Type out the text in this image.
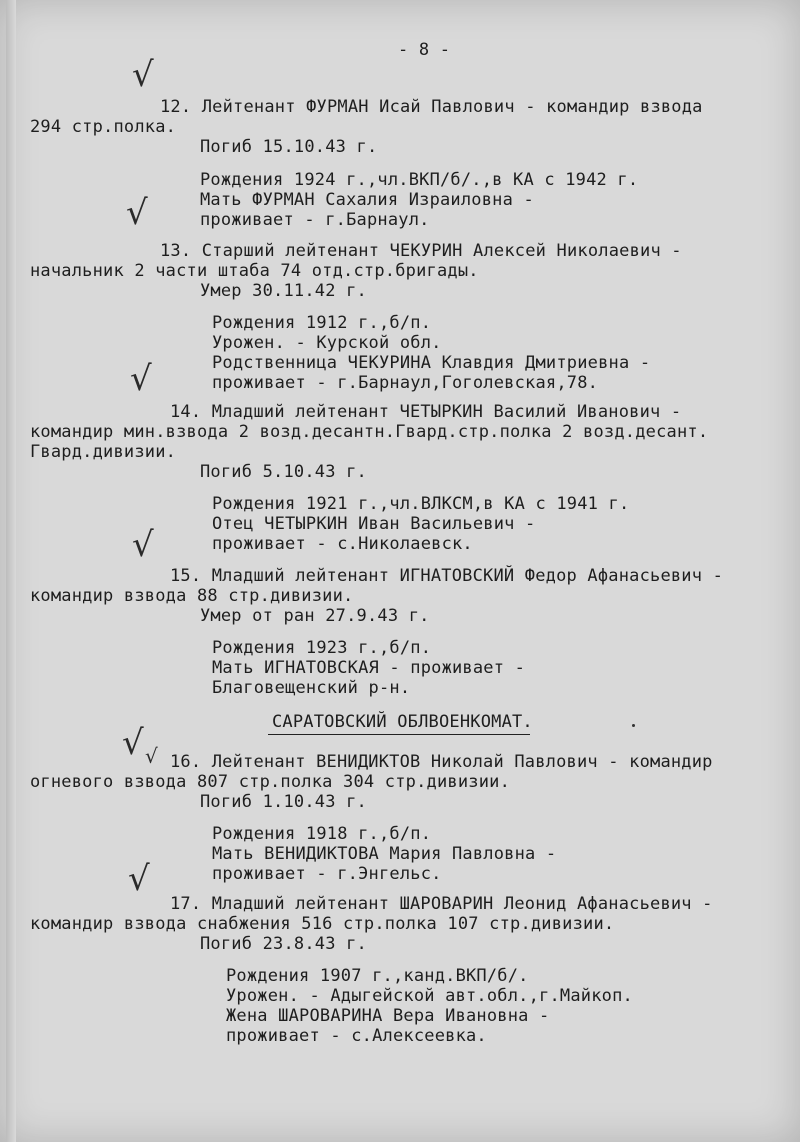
- 8 -
√
√
√
√
√ √
√
12. Лейтенант ФУРМАН Исай Павлович - командир взвода
294 стр.полка.
Погиб 15.10.43 г.
Рождения 1924 г.,чл.ВКП/б/.,в КА с 1942 г.
Мать ФУРМАН Сахалия Израиловна -
проживает - г.Барнаул.
13. Старший лейтенант ЧЕКУРИН Алексей Николаевич -
начальник 2 части штаба 74 отд.стр.бригады.
Умер 30.11.42 г.
Рождения 1912 г.,б/п.
Урожен. - Курской обл.
Родственница ЧЕКУРИНА Клавдия Дмитриевна -
проживает - г.Барнаул,Гоголевская,78.
14. Младший лейтенант ЧЕТЫРКИН Василий Иванович -
командир мин.взвода 2 возд.десантн.Гвард.стр.полка 2 возд.десант.
Гвард.дивизии.
Погиб 5.10.43 г.
Рождения 1921 г.,чл.ВЛКСМ,в КА с 1941 г.
Отец ЧЕТЫРКИН Иван Васильевич -
проживает - с.Николаевск.
15. Младший лейтенант ИГНАТОВСКИЙ Федор Афанасьевич -
командир взвода 88 стр.дивизии.
Умер от ран 27.9.43 г.
Рождения 1923 г.,б/п.
Мать ИГНАТОВСКАЯ - проживает -
Благовещенский р-н.
САРАТОВСКИЙ ОБЛВОЕНКОМАТ.
16. Лейтенант ВЕНИДИКТОВ Николай Павлович - командир
огневого взвода 807 стр.полка 304 стр.дивизии.
Погиб 1.10.43 г.
Рождения 1918 г.,б/п.
Мать ВЕНИДИКТОВА Мария Павловна -
проживает - г.Энгельс.
17. Младший лейтенант ШАРОВАРИН Леонид Афанасьевич -
командир взвода снабжения 516 стр.полка 107 стр.дивизии.
Погиб 23.8.43 г.
Рождения 1907 г.,канд.ВКП/б/.
Урожен. - Адыгейской авт.обл.,г.Майкоп.
Жена ШАРОВАРИНА Вера Ивановна -
проживает - с.Алексеевка.
